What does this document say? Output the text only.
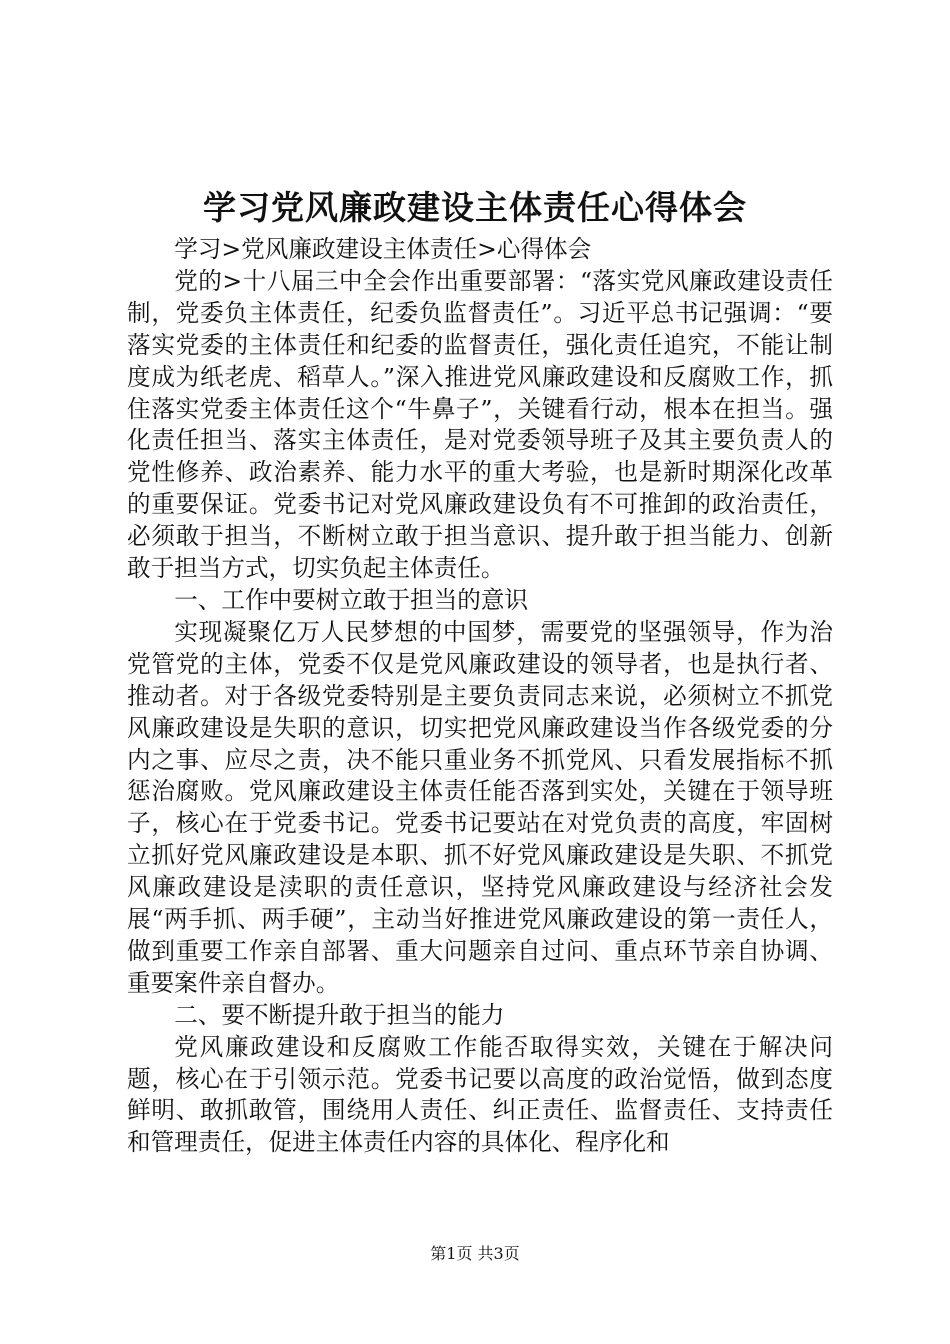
学习党风廉政建设主体责任心得体会

学习>党风廉政建设主体责任>心得体会

党的>十八届三中全会作出重要部署：“落实党风廉政建设责任制，党委负主体责任，纪委负监督责任”。习近平总书记强调：“要落实党委的主体责任和纪委的监督责任，强化责任追究，不能让制度成为纸老虎、稻草人。”深入推进党风廉政建设和反腐败工作，抓住落实党委主体责任这个“牛鼻子”，关键看行动，根本在担当。强化责任担当、落实主体责任，是对党委领导班子及其主要负责人的党性修养、政治素养、能力水平的重大考验，也是新时期深化改革的重要保证。党委书记对党风廉政建设负有不可推卸的政治责任，必须敢于担当，不断树立敢于担当意识、提升敢于担当能力、创新敢于担当方式，切实负起主体责任。

一、工作中要树立敢于担当的意识

实现凝聚亿万人民梦想的中国梦，需要党的坚强领导，作为治党管党的主体，党委不仅是党风廉政建设的领导者，也是执行者、推动者。对于各级党委特别是主要负责同志来说，必须树立不抓党风廉政建设是失职的意识，切实把党风廉政建设当作各级党委的分内之事、应尽之责，决不能只重业务不抓党风、只看发展指标不抓惩治腐败。党风廉政建设主体责任能否落到实处，关键在于领导班子，核心在于党委书记。党委书记要站在对党负责的高度，牢固树立抓好党风廉政建设是本职、抓不好党风廉政建设是失职、不抓党风廉政建设是渎职的责任意识，坚持党风廉政建设与经济社会发展“两手抓、两手硬”，主动当好推进党风廉政建设的第一责任人，做到重要工作亲自部署、重大问题亲自过问、重点环节亲自协调、重要案件亲自督办。

二、要不断提升敢于担当的能力

党风廉政建设和反腐败工作能否取得实效，关键在于解决问题，核心在于引领示范。党委书记要以高度的政治觉悟，做到态度鲜明、敢抓敢管，围绕用人责任、纠正责任、监督责任、支持责任和管理责任，促进主体责任内容的具体化、程序化和

第1页 共3页
